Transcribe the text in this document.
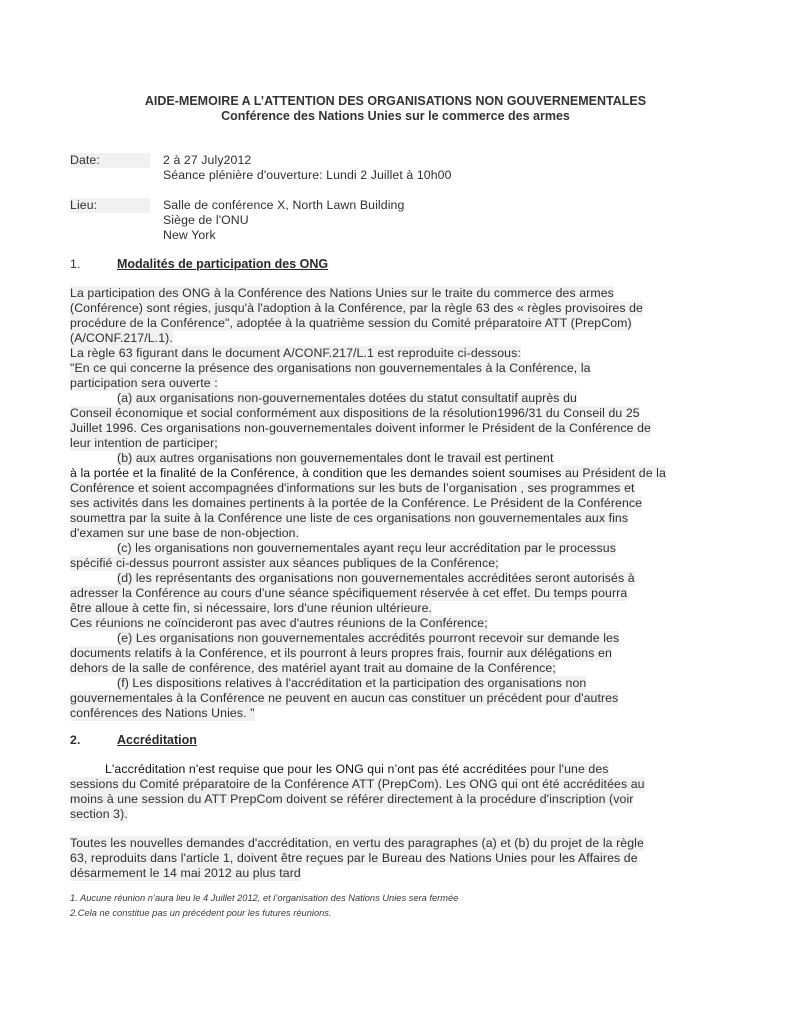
AIDE-MEMOIRE A L’ATTENTION DES ORGANISATIONS NON GOUVERNEMENTALES
Conférence des Nations Unies sur le commerce des armes
Date:	2 à 27 July2012
Séance plénière d'ouverture: Lundi 2 Juillet à 10h00
Lieu:	Salle de conférence X, North Lawn Building
Siège de l'ONU
New York
1.	Modalités de participation des ONG
La participation des ONG à la Conférence des Nations Unies sur le traite du commerce des armes
(Conférence) sont régies, jusqu'à l'adoption à la Conférence, par la règle 63 des « règles provisoires de
procédure de la Conférence", adoptée à la quatrième session du Comité préparatoire ATT (PrepCom)
(A/CONF.217/L.1).
La règle 63 figurant dans le document A/CONF.217/L.1 est reproduite ci-dessous:
"En ce qui concerne la présence des organisations non gouvernementales à la Conférence, la
participation sera ouverte :
(a) aux organisations non-gouvernementales dotées du statut consultatif auprès du
Conseil économique et social conformément aux dispositions de la résolution1996/31 du Conseil du 25
Juillet 1996. Ces organisations non-gouvernementales doivent informer le Président de la Conférence de
leur intention de participer;
(b) aux autres organisations non gouvernementales dont le travail est pertinent
à la portée et la finalité de la Conférence, à condition que les demandes soient soumises au Président de la
Conférence et soient accompagnées d'informations sur les buts de l’organisation , ses programmes et
ses activités dans les domaines pertinents à la portée de la Conférence. Le Président de la Conférence
soumettra par la suite à la Conférence une liste de ces organisations non gouvernementales aux fins
d'examen sur une base de non-objection.
(c) les organisations non gouvernementales ayant reçu leur accréditation par le processus
spécifié ci-dessus pourront assister aux séances publiques de la Conférence;
(d) les représentants des organisations non gouvernementales accréditées seront autorisés à
adresser la Conférence au cours d'une séance spécifiquement réservée à cet effet. Du temps pourra
être alloue à cette fin, si nécessaire, lors d'une réunion ultérieure.
Ces réunions ne coïncideront pas avec d'autres réunions de la Conférence;
(e) Les organisations non gouvernementales accrédités pourront recevoir sur demande les
documents relatifs à la Conférence, et ils pourront à leurs propres frais, fournir aux délégations en
dehors de la salle de conférence, des matériel ayant trait au domaine de la Conférence;
(f) Les dispositions relatives à l'accréditation et la participation des organisations non
gouvernementales à la Conférence ne peuvent en aucun cas constituer un précédent pour d'autres
conférences des Nations Unies. "
2.	Accréditation
L'accréditation n'est requise que pour les ONG qui n’ont pas été accréditées pour l'une des
sessions du Comité préparatoire de la Conférence ATT (PrepCom). Les ONG qui ont été accréditées au
moins à une session du ATT PrepCom doivent se référer directement à la procédure d'inscription (voir
section 3).
Toutes les nouvelles demandes d'accréditation, en vertu des paragraphes (a) et (b) du projet de la règle
63, reproduits dans l'article 1, doivent être reçues par le Bureau des Nations Unies pour les Affaires de
désarmement le 14 mai 2012 au plus tard
1. Aucune réunion n’aura lieu le 4 Juillet 2012, et l’organisation des Nations Unies sera fermée
2.Cela ne constitue pas un précédent pour les futures réunions.
